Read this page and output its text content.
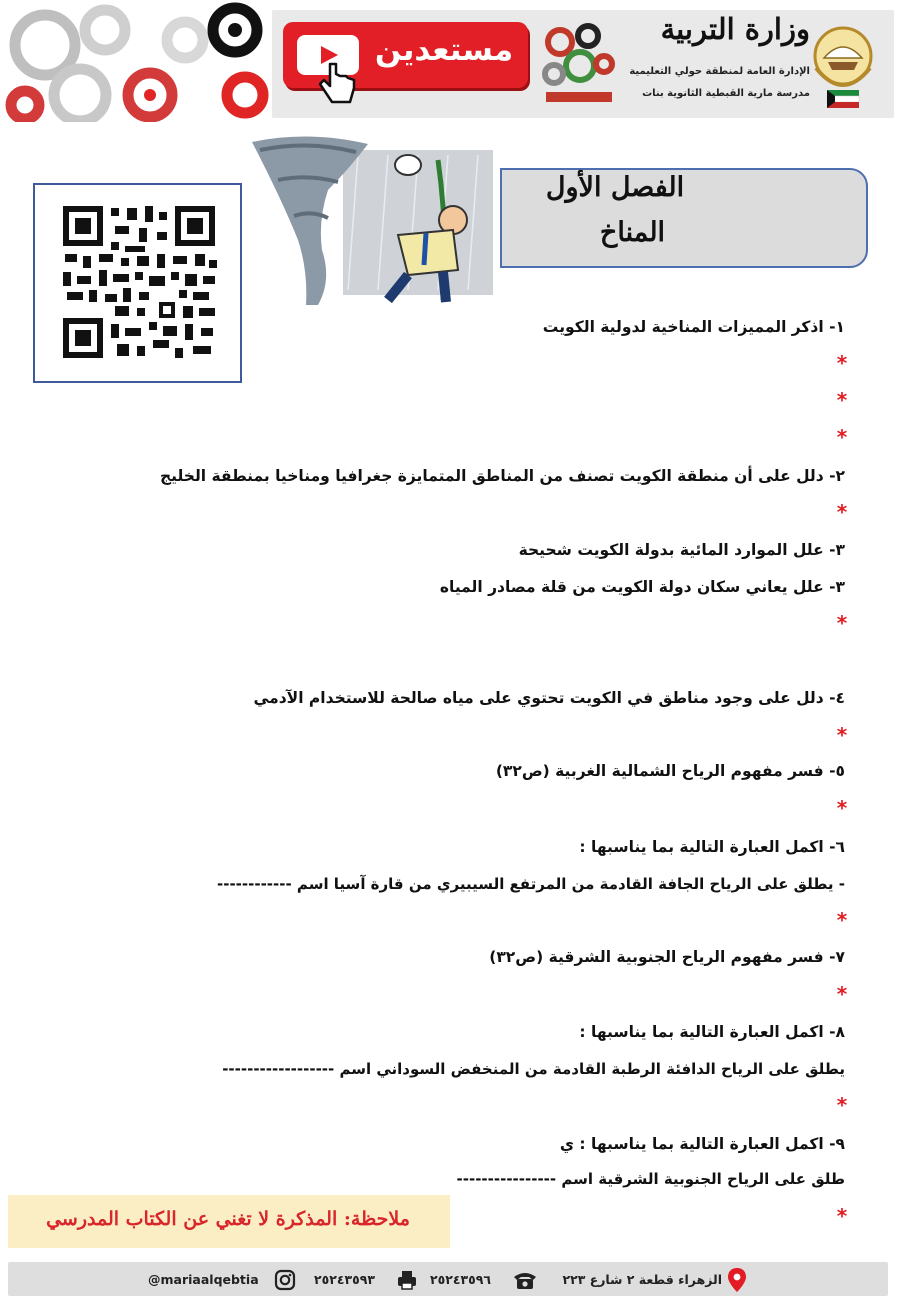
مستعدين
وزارة التربية
الإدارة العامة لمنطقة حولي التعليمية
مدرسة مارية القبطية الثانوية بنات
الفصل الأول
المناخ
١- اذكر المميزات المناخية لدولية الكويت
*
*
*
٢- دلل على أن منطقة الكويت تصنف من المناطق المتمايزة جغرافيا ومناخيا بمنطقة الخليج
*
٣- علل الموارد المائية بدولة الكويت شحيحة
٣- علل يعاني سكان دولة الكويت من قلة مصادر المياه
*
٤- دلل على وجود مناطق في الكويت تحتوي على مياه صالحة للاستخدام الآدمي
*
٥- فسر مفهوم الرياح الشمالية الغربية (ص٣٢)
*
٦- اكمل العبارة التالية بما يناسبها :
- يطلق على الرياح الجافة القادمة من المرتفع السيبيري من قارة آسيا اسم ------------
*
٧- فسر مفهوم الرياح الجنوبية الشرقية (ص٣٢)
*
٨- اكمل العبارة التالية بما يناسبها :
يطلق على الرياح الدافئة الرطبة القادمة من المنخفض السوداني اسم ------------------
*
٩- اكمل العبارة التالية بما يناسبها : ي
طلق على الرياح الجنوبية الشرقية اسم ----------------
*
ملاحظة: المذكرة لا تغني عن الكتاب المدرسي
@mariaalqebtia	٢٥٢٤٣٥٩٣	٢٥٢٤٣٥٩٦	الزهراء قطعة ٢ شارع ٢٢٣
